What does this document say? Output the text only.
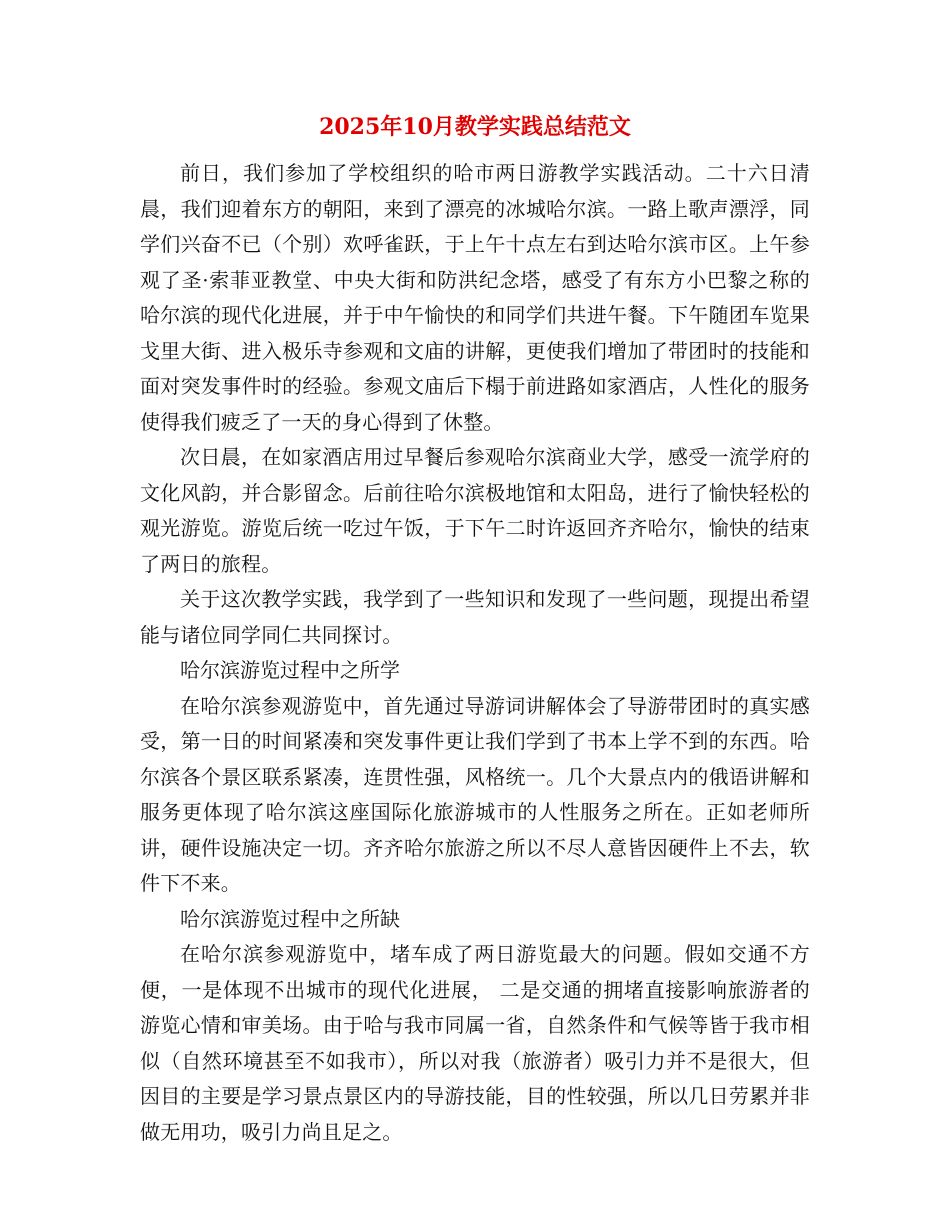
2025年10月教学实践总结范文

前日，我们参加了学校组织的哈市两日游教学实践活动。二十六日清晨，我们迎着东方的朝阳，来到了漂亮的冰城哈尔滨。一路上歌声漂浮，同学们兴奋不已（个别）欢呼雀跃，于上午十点左右到达哈尔滨市区。上午参观了圣·索菲亚教堂、中央大街和防洪纪念塔，感受了有东方小巴黎之称的哈尔滨的现代化进展，并于中午愉快的和同学们共进午餐。下午随团车览果戈里大街、进入极乐寺参观和文庙的讲解，更使我们增加了带团时的技能和面对突发事件时的经验。参观文庙后下榻于前进路如家酒店，人性化的服务使得我们疲乏了一天的身心得到了休整。

次日晨，在如家酒店用过早餐后参观哈尔滨商业大学，感受一流学府的文化风韵，并合影留念。后前往哈尔滨极地馆和太阳岛，进行了愉快轻松的观光游览。游览后统一吃过午饭，于下午二时许返回齐齐哈尔，愉快的结束了两日的旅程。

关于这次教学实践，我学到了一些知识和发现了一些问题，现提出希望能与诸位同学同仁共同探讨。

哈尔滨游览过程中之所学

在哈尔滨参观游览中，首先通过导游词讲解体会了导游带团时的真实感受，第一日的时间紧凑和突发事件更让我们学到了书本上学不到的东西。哈尔滨各个景区联系紧凑，连贯性强，风格统一。几个大景点内的俄语讲解和服务更体现了哈尔滨这座国际化旅游城市的人性服务之所在。正如老师所讲，硬件设施决定一切。齐齐哈尔旅游之所以不尽人意皆因硬件上不去，软件下不来。

哈尔滨游览过程中之所缺

在哈尔滨参观游览中，堵车成了两日游览最大的问题。假如交通不方便，一是体现不出城市的现代化进展， 二是交通的拥堵直接影响旅游者的游览心情和审美场。由于哈与我市同属一省，自然条件和气候等皆于我市相似（自然环境甚至不如我市），所以对我（旅游者）吸引力并不是很大，但因目的主要是学习景点景区内的导游技能，目的性较强，所以几日劳累并非做无用功，吸引力尚且足之。
